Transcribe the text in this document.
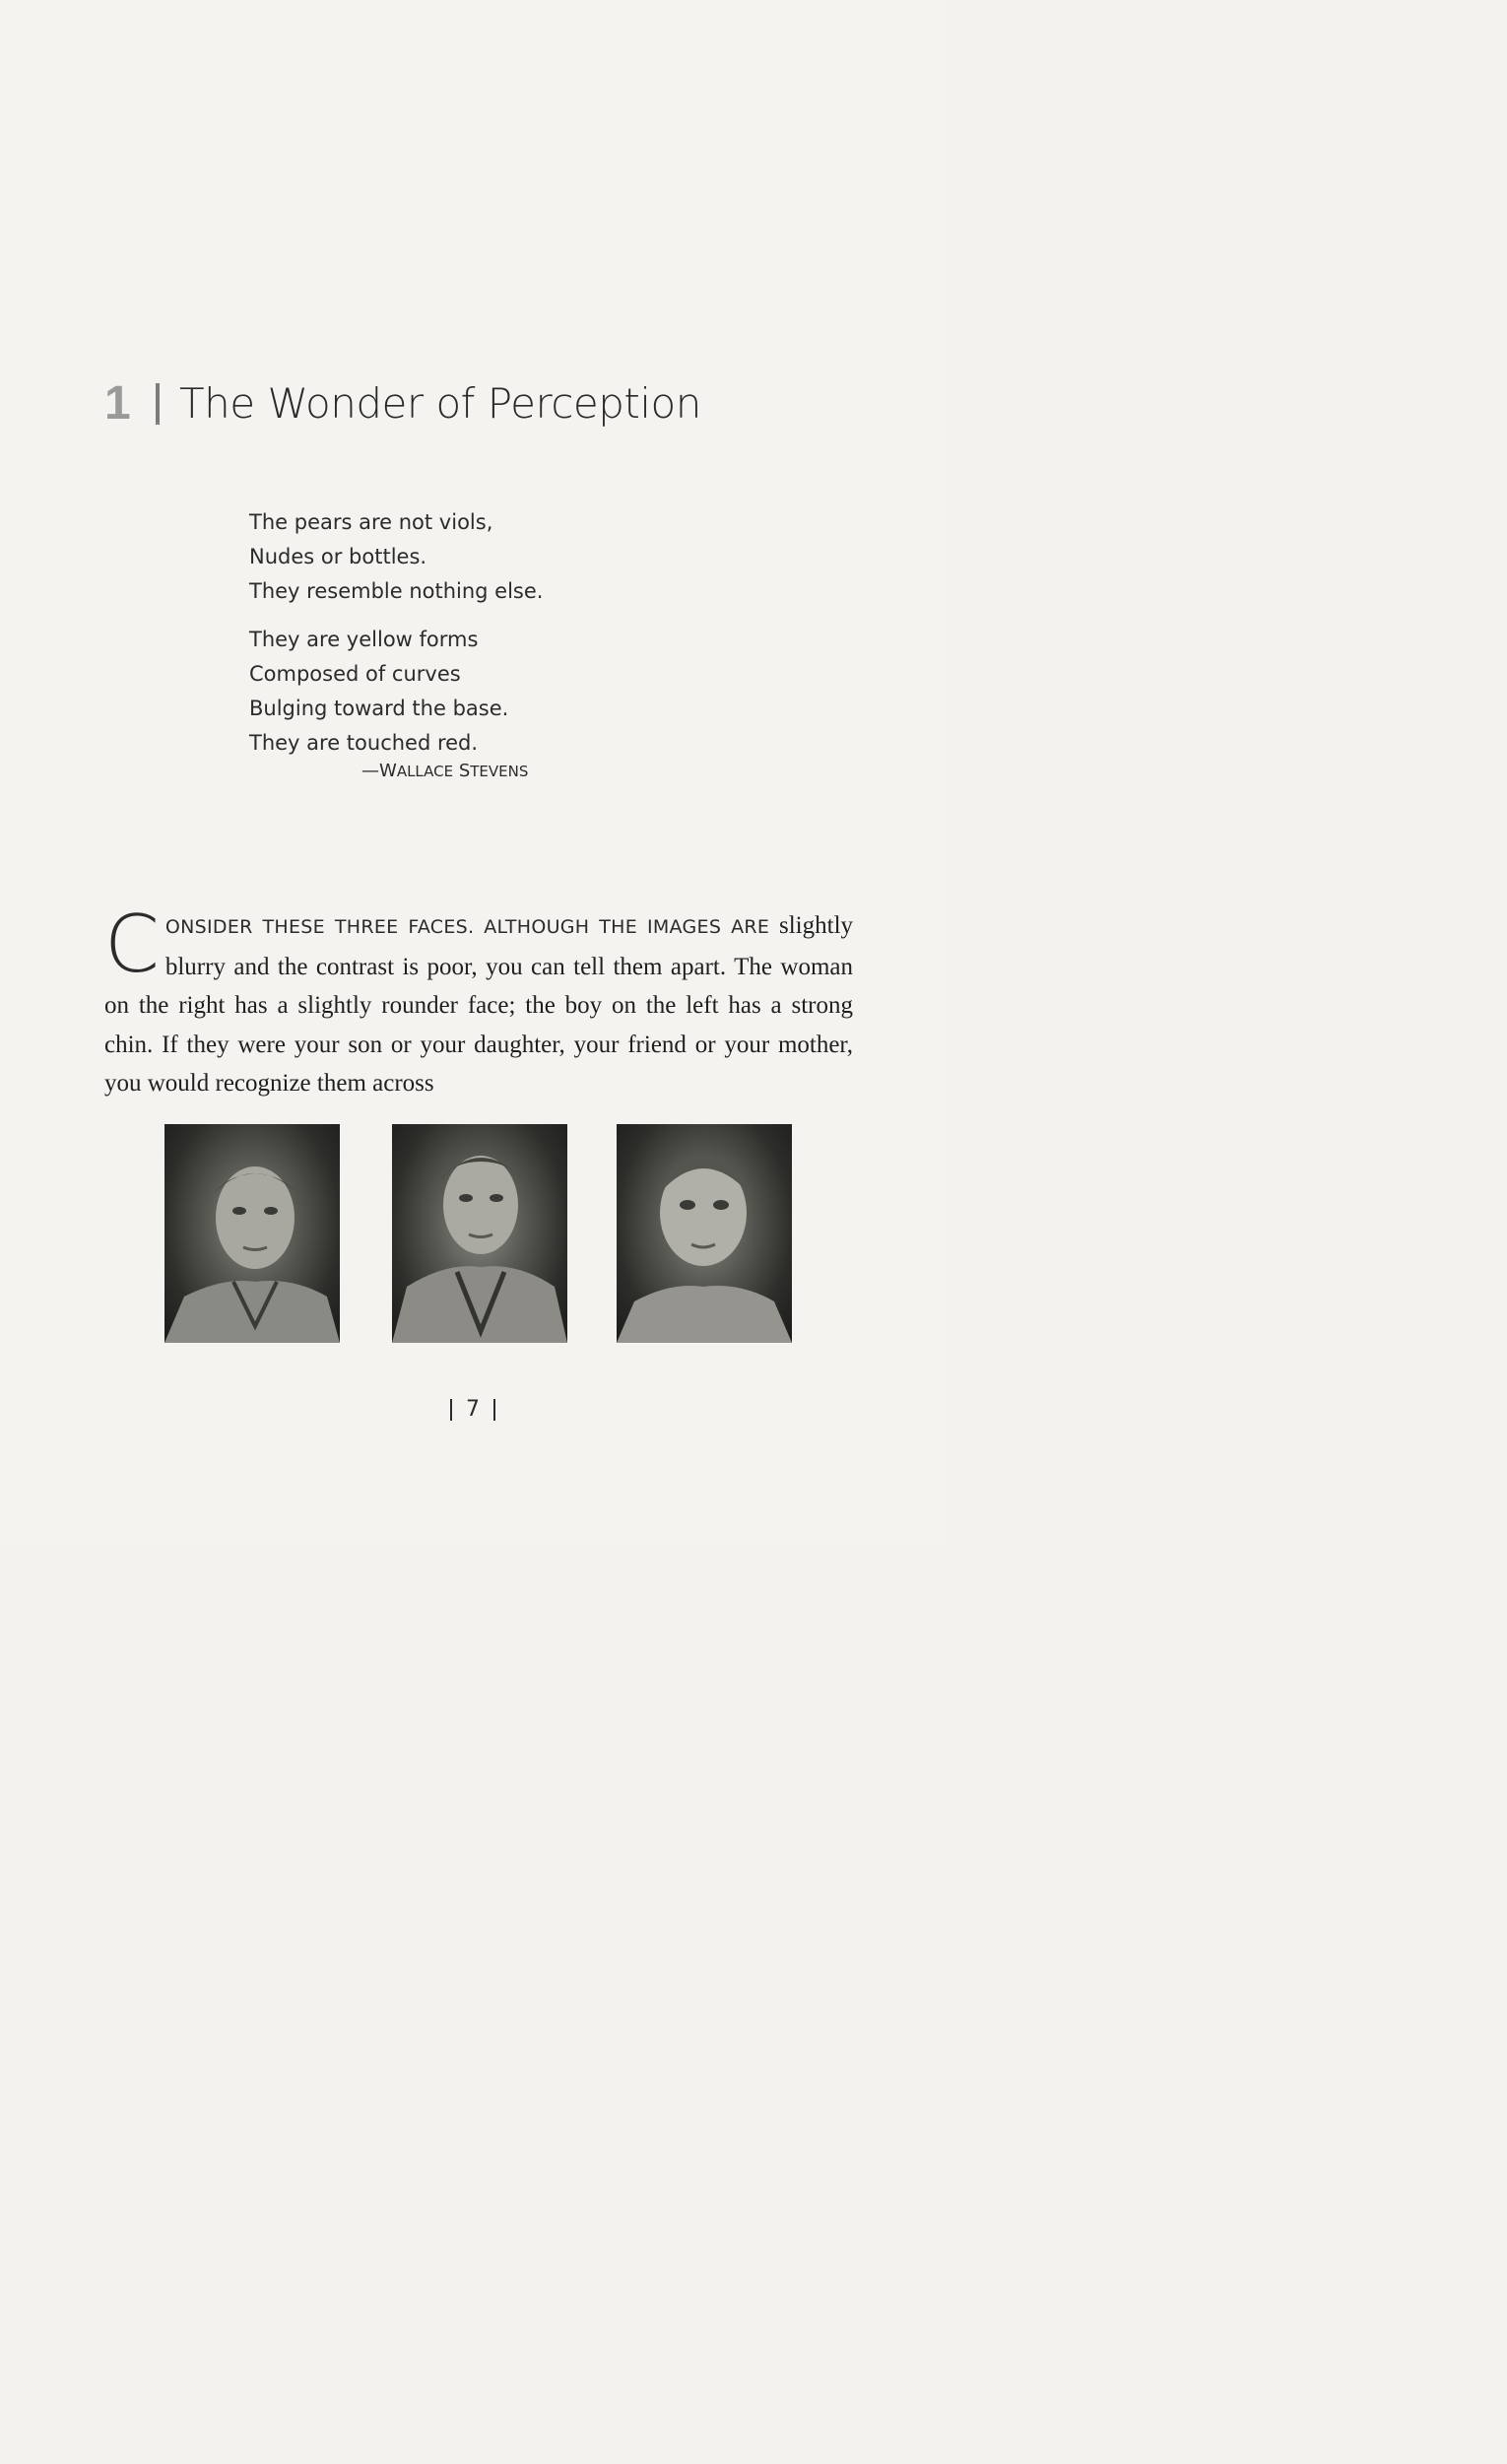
1	The Wonder of Perception
The pears are not viols,
Nudes or bottles.
They resemble nothing else.
They are yellow forms
Composed of curves
Bulging toward the base.
They are touched red.
—WALLACE STEVENS
CONSIDER THESE THREE FACES. ALTHOUGH THE IMAGES ARE slightly blurry and the contrast is poor, you can tell them apart. The woman on the right has a slightly rounder face; the boy on the left has a strong chin. If they were your son or your daughter, your friend or your mother, you would recognize them across
7
